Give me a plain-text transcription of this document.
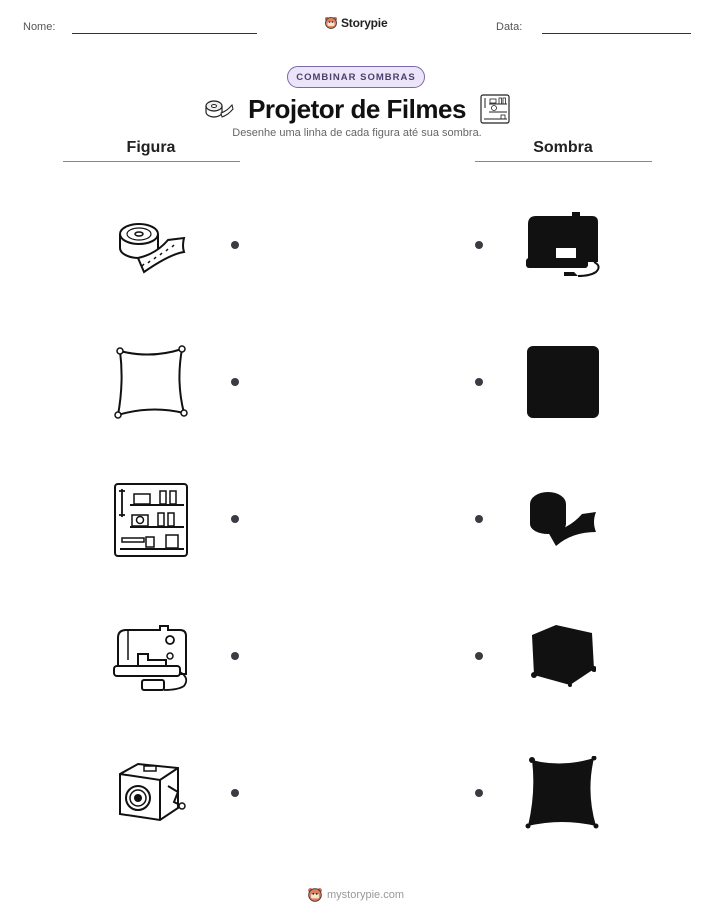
Nome:	Storypie	Data:
COMBINAR SOMBRAS
Projetor de Filmes
Desenhe uma linha de cada figura até sua sombra.
Figura	Sombra
mystorypie.com
